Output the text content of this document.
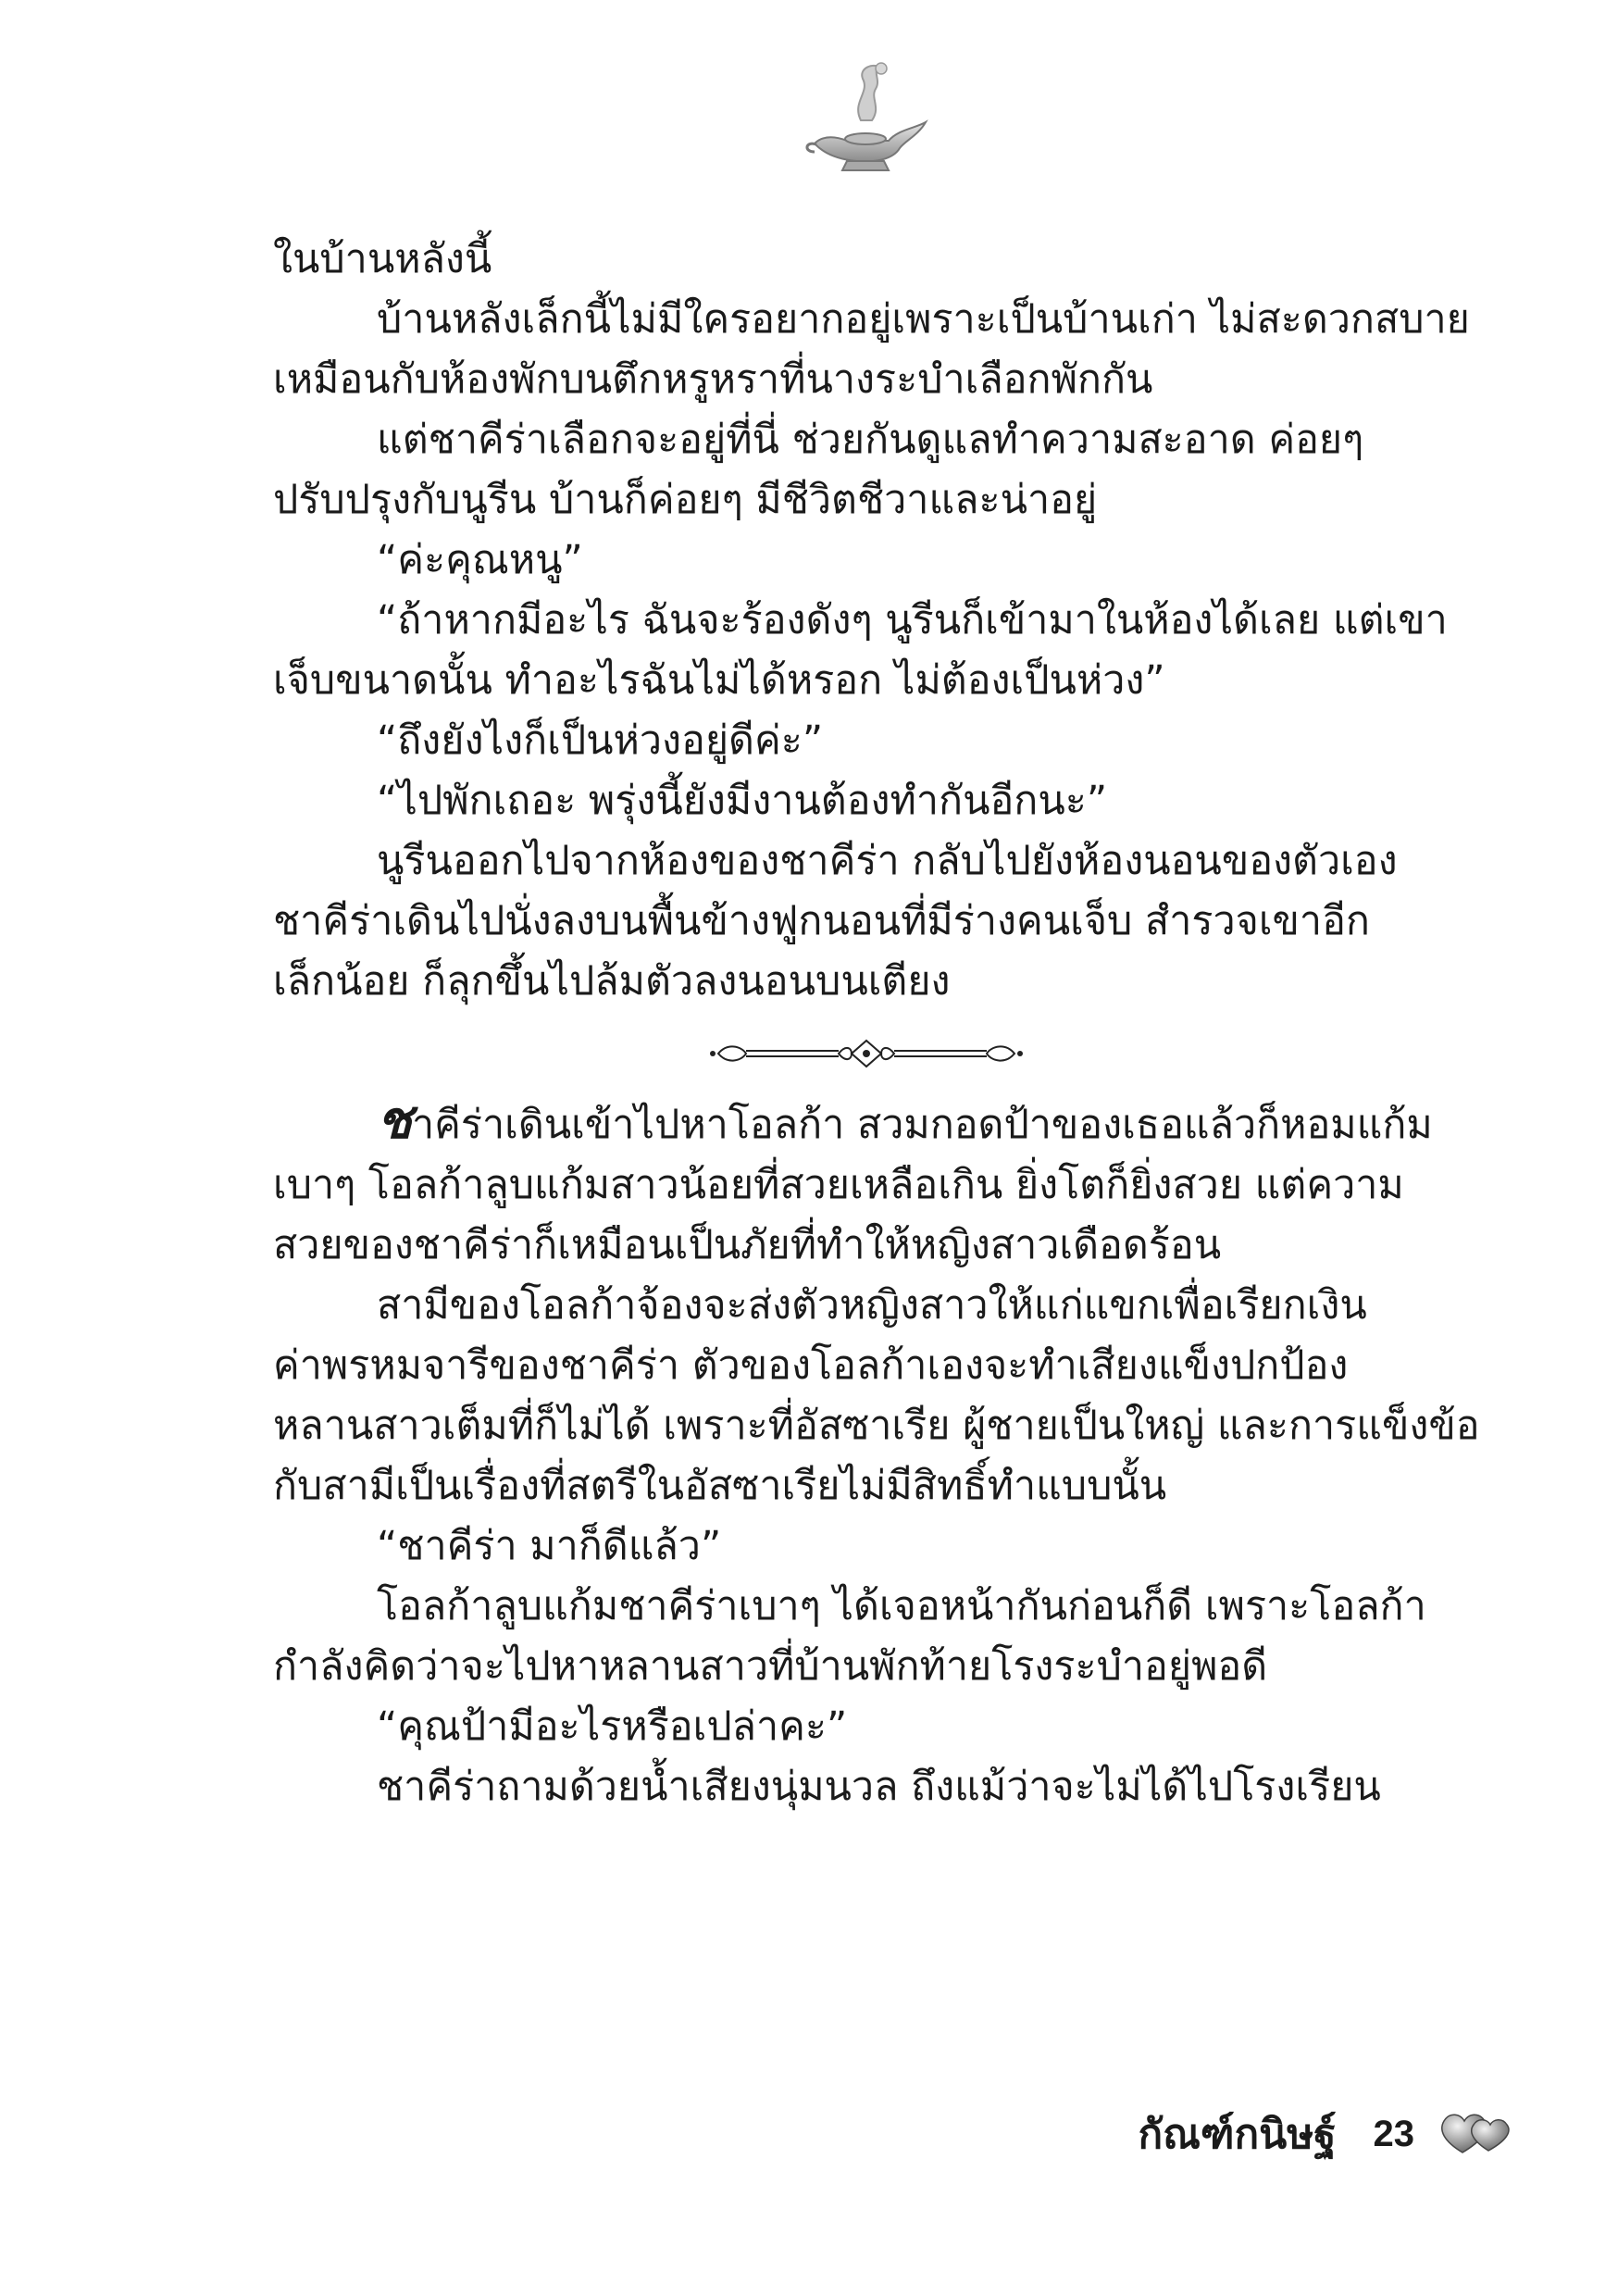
ในบ้านหลังนี้
บ้านหลังเล็กนี้ไม่มีใครอยากอยู่เพราะเป็นบ้านเก่า ไม่สะดวกสบาย
เหมือนกับห้องพักบนตึกหรูหราที่นางระบำเลือกพักกัน
แต่ชาคีร่าเลือกจะอยู่ที่นี่ ช่วยกันดูแลทำความสะอาด ค่อยๆ
ปรับปรุงกับนูรีน บ้านก็ค่อยๆ มีชีวิตชีวาและน่าอยู่
“ค่ะคุณหนู”
“ถ้าหากมีอะไร ฉันจะร้องดังๆ นูรีนก็เข้ามาในห้องได้เลย แต่เขา
เจ็บขนาดนั้น ทำอะไรฉันไม่ได้หรอก ไม่ต้องเป็นห่วง”
“ถึงยังไงก็เป็นห่วงอยู่ดีค่ะ”
“ไปพักเถอะ พรุ่งนี้ยังมีงานต้องทำกันอีกนะ”
นูรีนออกไปจากห้องของชาคีร่า กลับไปยังห้องนอนของตัวเอง
ชาคีร่าเดินไปนั่งลงบนพื้นข้างฟูกนอนที่มีร่างคนเจ็บ สำรวจเขาอีก
เล็กน้อย ก็ลุกขึ้นไปล้มตัวลงนอนบนเตียง
ชาคีร่าเดินเข้าไปหาโอลก้า สวมกอดป้าของเธอแล้วก็หอมแก้ม
เบาๆ โอลก้าลูบแก้มสาวน้อยที่สวยเหลือเกิน ยิ่งโตก็ยิ่งสวย แต่ความ
สวยของชาคีร่าก็เหมือนเป็นภัยที่ทำให้หญิงสาวเดือดร้อน
สามีของโอลก้าจ้องจะส่งตัวหญิงสาวให้แก่แขกเพื่อเรียกเงิน
ค่าพรหมจารีของชาคีร่า ตัวของโอลก้าเองจะทำเสียงแข็งปกป้อง
หลานสาวเต็มที่ก็ไม่ได้ เพราะที่อัสซาเรีย ผู้ชายเป็นใหญ่ และการแข็งข้อ
กับสามีเป็นเรื่องที่สตรีในอัสซาเรียไม่มีสิทธิ์ทำแบบนั้น
“ชาคีร่า มาก็ดีแล้ว”
โอลก้าลูบแก้มชาคีร่าเบาๆ ได้เจอหน้ากันก่อนก็ดี เพราะโอลก้า
กำลังคิดว่าจะไปหาหลานสาวที่บ้านพักท้ายโรงระบำอยู่พอดี
“คุณป้ามีอะไรหรือเปล่าคะ”
ชาคีร่าถามด้วยน้ำเสียงนุ่มนวล ถึงแม้ว่าจะไม่ได้ไปโรงเรียน
กัณฑ์กนิษฐ์ 23
